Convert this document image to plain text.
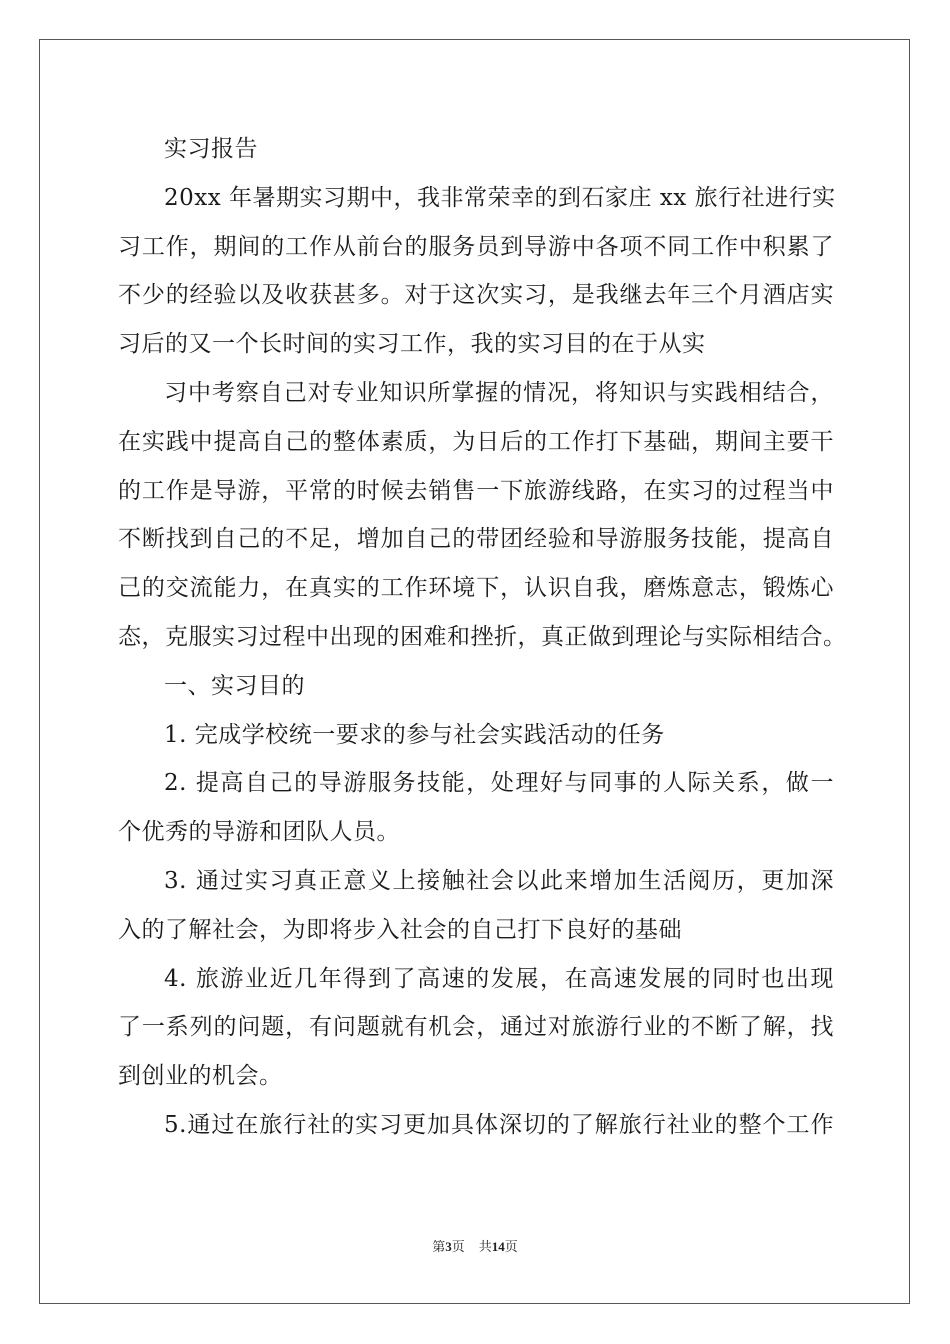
实习报告
20xx 年暑期实习期中，我非常荣幸的到石家庄 xx 旅行社进行实
习工作，期间的工作从前台的服务员到导游中各项不同工作中积累了
不少的经验以及收获甚多。对于这次实习，是我继去年三个月酒店实
习后的又一个长时间的实习工作，我的实习目的在于从实
习中考察自己对专业知识所掌握的情况，将知识与实践相结合，
在实践中提高自己的整体素质，为日后的工作打下基础，期间主要干
的工作是导游，平常的时候去销售一下旅游线路，在实习的过程当中
不断找到自己的不足，增加自己的带团经验和导游服务技能，提高自
己的交流能力，在真实的工作环境下，认识自我，磨炼意志，锻炼心
态，克服实习过程中出现的困难和挫折，真正做到理论与实际相结合。
一、实习目的
1. 完成学校统一要求的参与社会实践活动的任务
2. 提高自己的导游服务技能，处理好与同事的人际关系，做一
个优秀的导游和团队人员。
3. 通过实习真正意义上接触社会以此来增加生活阅历，更加深
入的了解社会，为即将步入社会的自己打下良好的基础
4. 旅游业近几年得到了高速的发展，在高速发展的同时也出现
了一系列的问题，有问题就有机会，通过对旅游行业的不断了解，找
到创业的机会。
5.通过在旅行社的实习更加具体深切的了解旅行社业的整个工作
第3页 共14页
